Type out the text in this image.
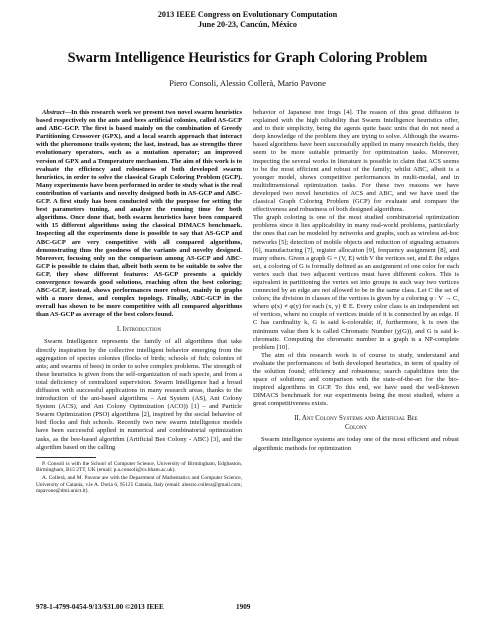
2013 IEEE Congress on Evolutionary Computation
June 20-23, Cancún, México
Swarm Intelligence Heuristics for Graph Coloring Problem
Piero Consoli, Alessio Collerà, Mario Pavone

Abstract—In this research work we present two novel swarm heuristics based respectively on the ants and bees artificial colonies, called AS-GCP and ABC-GCP. The first is based mainly on the combination of Greedy Partitioning Crossover (GPX), and a local search approach that interact with the pheromone trails system; the last, instead, has as strengths three evolutionary operators, such as a mutation operator; an improved version of GPX and a Temperature mechanism. The aim of this work is to evaluate the efficiency and robustness of both developed swarm heuristics, in order to solve the classical Graph Coloring Problem (GCP). Many experiments have been performed in order to study what is the real contribution of variants and novelty designed both in AS-GCP and ABC-GCP. A first study has been conducted with the purpose for setting the best parameters tuning, and analyze the running time for both algorithms. Once done that, both swarm heuristics have been compared with 15 different algorithms using the classical DIMACS benchmark. Inspecting all the experiments done is possible to say that AS-GCP and ABC-GCP are very competitive with all compared algorithms, demonstrating thus the goodness of the variants and novelty designed. Moreover, focusing only on the comparison among AS-GCP and ABC-GCP is possible to claim that, albeit both seem to be suitable to solve the GCP, they show different features: AS-GCP presents a quickly convergence towards good solutions, reaching often the best coloring; ABC-GCP, instead, shows performances more robust, mainly in graphs with a more dense, and complex topology. Finally, ABC-GCP in the overall has shown to be more competitive with all compared algorithms than AS-GCP as average of the best colors found.

I. Introduction

Swarm Intelligence represents the family of all algorithms that take directly inspiration by the collective intelligent behavior emerging from the aggregation of species colonies (flocks of birds; schools of fish; colonies of ants; and swarms of bees) in order to solve complex problems. The strength of these heuristics is given from the self-organization of each specie, and from a total deficiency of centralized supervision. Swarm Intelligence had a broad diffusion with successful applications in many research areas, thanks to the introduction of the ant-based algorithms – Ant System (AS), Ant Colony System (ACS), and Ant Colony Optimization (ACO)) [1] – and Particle Swarm Optimization (PSO) algorithms [2], inspired by the social behavior of bird flocks and fish schools. Recently two new swarm intelligence models have been successful applied in numerical and combinatorial optimization tasks, as the bee-based algorithm (Artificial Bee Colony - ABC) [3], and the algorithm based on the calling

P. Consoli is with the School of Computer Science, University of Birmingham, Edgbaston, Birmingham, B15 2TT, UK (email: p.a.consoli@cs.bham.ac.uk).

A. Collerà, and M. Pavone are with the Department of Mathematics and Computer Science, University of Catania, v.le A. Doria 6, 95125 Catania, Italy (email: alessio.collera@gmail.com; mpavone@dmi.unict.it).

behavior of Japanese tree frogs [4]. The reason of this great diffusion is explained with the high reliability that Swarm Intelligence heuristics offer, and to their simplicity, being the agents quite basic units that do not need a deep knowledge of the problem they are trying to solve. Although the swarm-based algorithms have been successfully applied in many research fields, they seem to be more suitable primarily for optimization tasks. Moreover, inspecting the several works in literature is possible to claim that ACS seems to be the most efficient and robust of the family; whilst ABC, albeit is a younger model, shows competitive performances in multi-modal, and in multidimensional optimization tasks. For these two reasons we have developed two novel heuristics of ACS and ABC, and we have used the classical Graph Coloring Problem (GCP) for evaluate and compare the effectiveness and robustness of both designed algorithms.

The graph coloring is one of the most studied combinatorial optimization problems since it lies applicability in many real-world problems, particularly the ones that can be modeled by networks and graphs, such as wireless ad-hoc networks [5]; detection of mobile objects and reduction of signaling actuators [6], manufacturing [7], register allocation [9], frequency assignment [8], and many others. Given a graph G = (V, E) with V the vertices set, and E the edges set, a coloring of G is formally defined as an assignment of one color for each vertex such that two adjacent vertices must have different colors. This is equivalent in partitioning the vertex set into groups in such way two vertices connected by an edge are not allowed to be in the same class. Let C the set of colors; the division in classes of the vertices is given by a coloring φ : V → C, where φ(x) ≠ φ(y) for each (x, y) ∈ E. Every color class is an independent set of vertices, where no couple of vertices inside of it is connected by an edge. If C has cardinality k, G is said k-colorable; if, furthermore, k is own the minimum value then k is called Chromatic Number (χ(G)), and G is said k-chromatic. Computing the chromatic number in a graph is a NP-complete problem [10].

The aim of this research work is of course to study, understand and evaluate the performances of both developed heuristics, in term of quality of the solution found; efficiency and robustness; search capabilities into the space of solutions; and comparison with the state-of-the-art for the bio-inspired algorithms in GCP. To this end, we have used the well-known DIMACS benchmark for our experiments being the most studied, where a great competitiveness exists.

II. Ant Colony Systems and Artificial Bee
Colony

Swarm intelligence systems are today one of the most efficient and robust algorithmic methods for optimization

978-1-4799-0454-9/13/$31.00 ©2013 IEEE	1909
